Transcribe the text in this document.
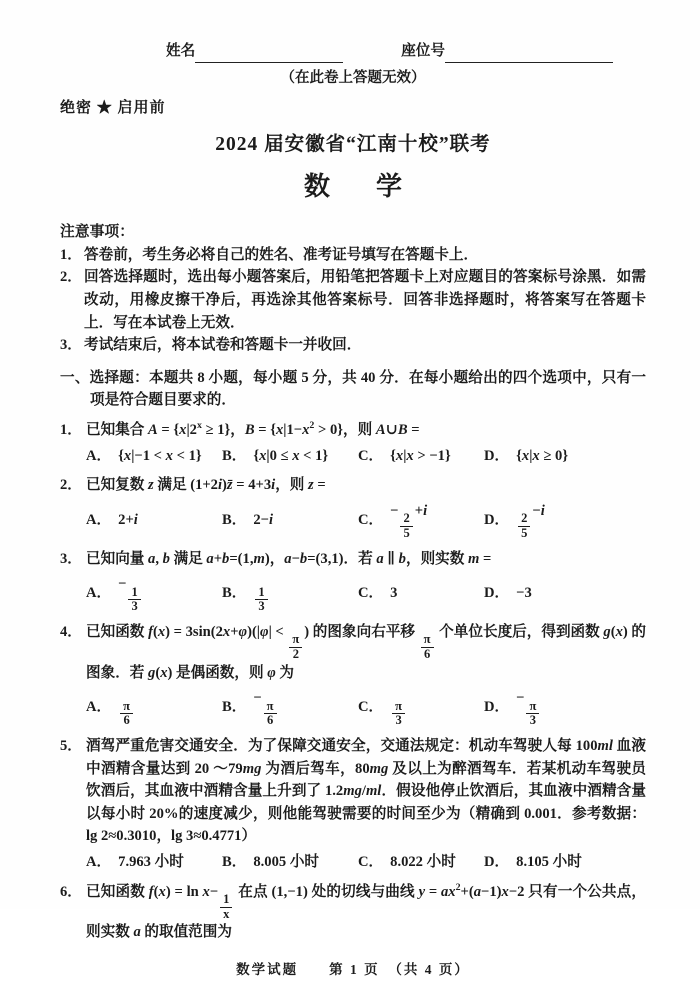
姓名	座位号
（在此卷上答题无效）
绝密 ★ 启用前
2024 届安徽省“江南十校”联考
数　学
注意事项：
1． 答卷前，考生务必将自己的姓名、准考证号填写在答题卡上．
2． 回答选择题时，选出每小题答案后，用铅笔把答题卡上对应题目的答案标号涂黑．如需改动，用橡皮擦干净后，再选涂其他答案标号．回答非选择题时，将答案写在答题卡上．写在本试卷上无效．
3． 考试结束后，将本试卷和答题卡一并收回．
一、选择题：本题共 8 小题，每小题 5 分，共 40 分．在每小题给出的四个选项中，只有一项是符合题目要求的．
1． 已知集合 $A = \{x|2^x \ge 1\}$，$B = \{x|1-x^2 > 0\}$，则 A∪B =
A． {x|−1 < x < 1} B． {x|0 ≤ x < 1} C． {x|x > −1} D． {x|x ≥ 0}
2． 已知复数 z 满足 (1+2i)z̄ = 4+3i，则 z =
A． 2+i	B． 2−i	C．
−
$\frac{2}{5}$
+i
D． $\frac{2}{5}$
−i
3． 已知向量 a, b 满足 a+b=(1,m)，a−b=(3,1)．若 a ∥ b，则实数 m =
A．
−
$\frac{1}{3}$	B． $\frac{1}{3}$	C． 3	D． −3
4． 已知函数 f(x) = 3sin(2x+φ)(|φ| <
$\frac{\pi}{2}$
) 的图象向右平移
$\frac{\pi}{6}$
个单位长度后，得到函数 g(x) 的图象．若 g(x) 是偶函数，则 φ 为
A． $\frac{\pi}{6}$	B．
−
$\frac{\pi}{6}$	C． $\frac{\pi}{3}$	D．
−
$\frac{\pi}{3}$
5． 酒驾严重危害交通安全．为了保障交通安全，交通法规定：机动车驾驶人每 100ml 血液中酒精含量达到 20 ～79mg 为酒后驾车，80mg 及以上为醉酒驾车．若某机动车驾驶员饮酒后，其血液中酒精含量上升到了 1.2mg/ml．假设他停止饮酒后，其血液中酒精含量以每小时 20%的速度减少，则他能驾驶需要的时间至少为（精确到 0.001．参考数据：lg 2≈0.3010，lg 3≈0.4771）
A． 7.963 小时	B． 8.005 小时	C． 8.022 小时 D． 8.105 小时
6． 已知函数 f(x) = ln x−
$\frac{1}{x}$
在点 (1,−1) 处的切线与曲线 $y = ax^2+(a-1)x-2$ 只有一个公共点，则实数 a 的取值范围为
数学试题　　第 1 页　（共 4 页）
